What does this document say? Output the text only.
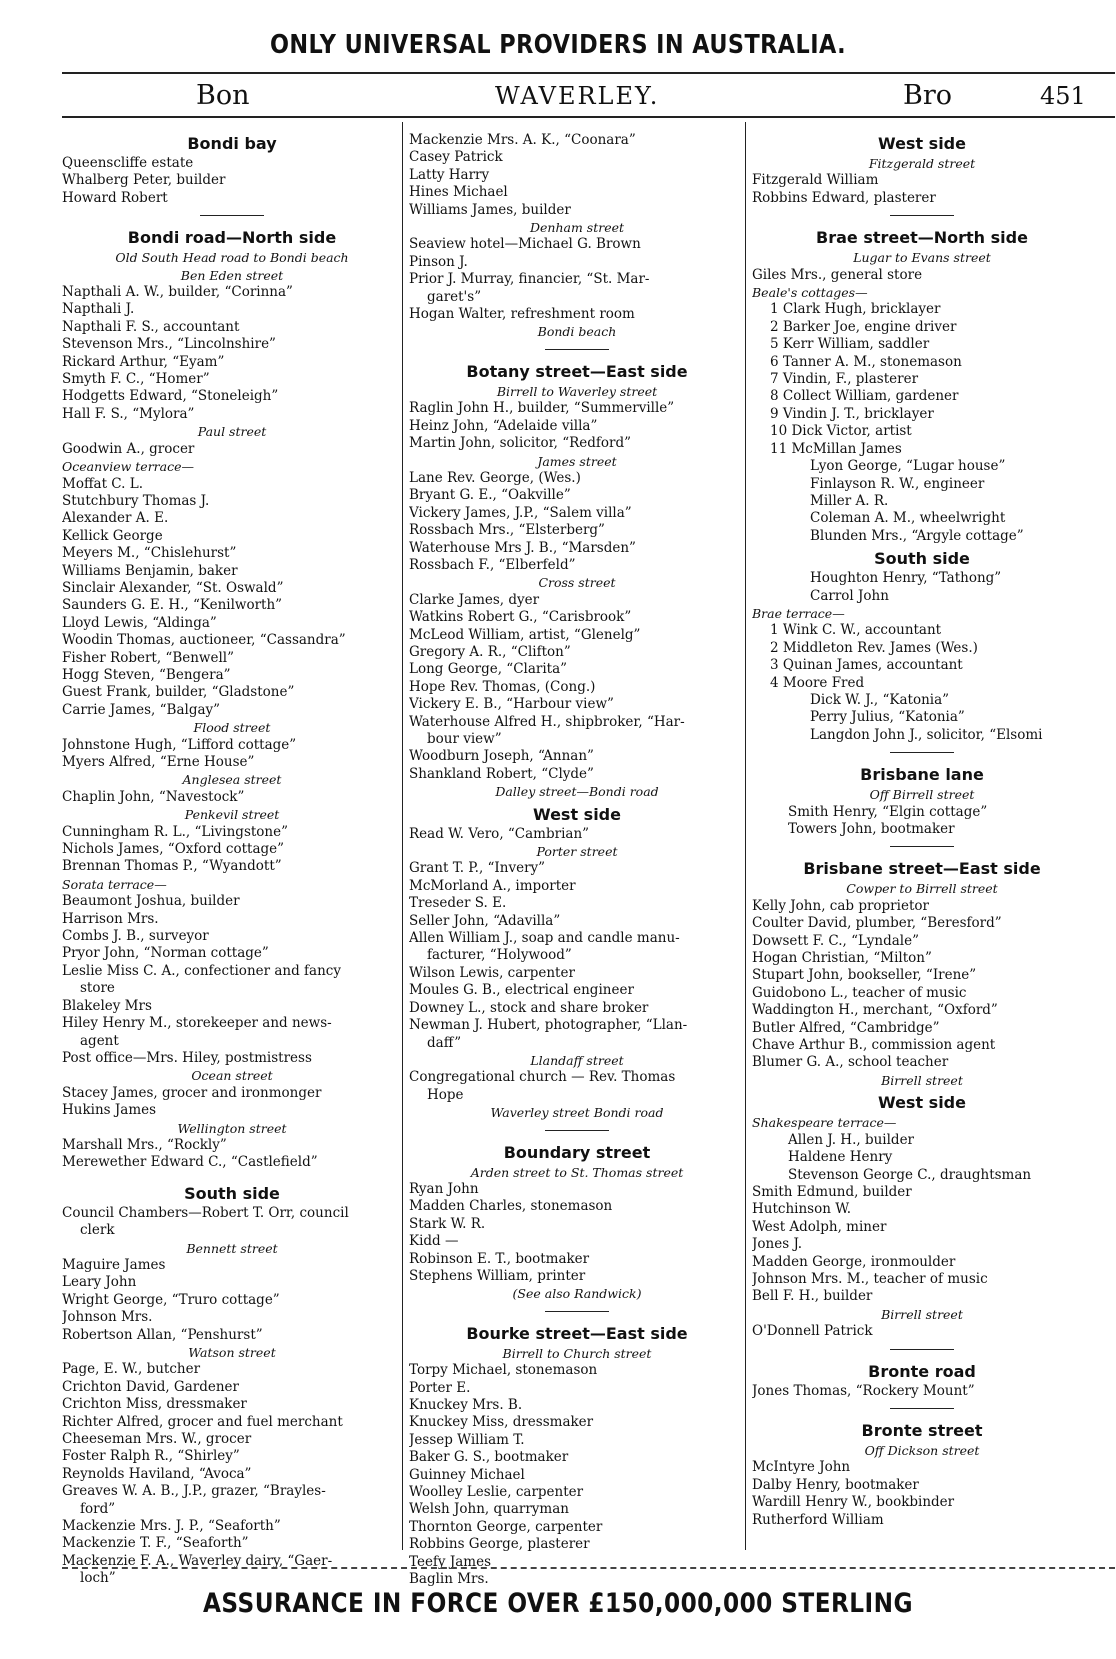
ONLY UNIVERSAL PROVIDERS IN AUSTRALIA.
Bon	WAVERLEY.	Bro	451
Bondi bay
Queenscliffe estate
Whalberg Peter, builder
Howard Robert
Bondi road—North side
Old South Head road to Bondi beach
Ben Eden street
Napthali A. W., builder, “Corinna”
Napthali J.
Napthali F. S., accountant
Stevenson Mrs., “Lincolnshire”
Rickard Arthur, “Eyam”
Smyth F. C., “Homer”
Hodgetts Edward, “Stoneleigh”
Hall F. S., “Mylora”
Paul street
Goodwin A., grocer
Oceanview terrace—
Moffat C. L.
Stutchbury Thomas J.
Alexander A. E.
Kellick George
Meyers M., “Chislehurst”
Williams Benjamin, baker
Sinclair Alexander, “St. Oswald”
Saunders G. E. H., “Kenilworth”
Lloyd Lewis, “Aldinga”
Woodin Thomas, auctioneer, “Cassandra”
Fisher Robert, “Benwell”
Hogg Steven, “Bengera”
Guest Frank, builder, “Gladstone”
Carrie James, “Balgay”
Flood street
Johnstone Hugh, “Lifford cottage”
Myers Alfred, “Erne House”
Anglesea street
Chaplin John, “Navestock”
Penkevil street
Cunningham R. L., “Livingstone”
Nichols James, “Oxford cottage”
Brennan Thomas P., “Wyandott”
Sorata terrace—
Beaumont Joshua, builder
Harrison Mrs.
Combs J. B., surveyor
Pryor John, “Norman cottage”
Leslie Miss C. A., confectioner and fancy
store
Blakeley Mrs
Hiley Henry M., storekeeper and news-
agent
Post office—Mrs. Hiley, postmistress
Ocean street
Stacey James, grocer and ironmonger
Hukins James
Wellington street
Marshall Mrs., “Rockly”
Merewether Edward C., “Castlefield”
South side
Council Chambers—Robert T. Orr, council
clerk
Bennett street
Maguire James
Leary John
Wright George, “Truro cottage”
Johnson Mrs.
Robertson Allan, “Penshurst”
Watson street
Page, E. W., butcher
Crichton David, Gardener
Crichton Miss, dressmaker
Richter Alfred, grocer and fuel merchant
Cheeseman Mrs. W., grocer
Foster Ralph R., “Shirley”
Reynolds Haviland, “Avoca”
Greaves W. A. B., J.P., grazer, “Brayles-
ford”
Mackenzie Mrs. J. P., “Seaforth”
Mackenzie T. F., “Seaforth”
Mackenzie F. A., Waverley dairy, “Gaer-
loch”
Mackenzie Mrs. A. K., “Coonara”
Casey Patrick
Latty Harry
Hines Michael
Williams James, builder
Denham street
Seaview hotel—Michael G. Brown
Pinson J.
Prior J. Murray, financier, “St. Mar-
garet's”
Hogan Walter, refreshment room
Bondi beach
Botany street—East side
Birrell to Waverley street
Raglin John H., builder, “Summerville”
Heinz John, “Adelaide villa”
Martin John, solicitor, “Redford”
James street
Lane Rev. George, (Wes.)
Bryant G. E., “Oakville”
Vickery James, J.P., “Salem villa”
Rossbach Mrs., “Elsterberg”
Waterhouse Mrs J. B., “Marsden”
Rossbach F., “Elberfeld”
Cross street
Clarke James, dyer
Watkins Robert G., “Carisbrook”
McLeod William, artist, “Glenelg”
Gregory A. R., “Clifton”
Long George, “Clarita”
Hope Rev. Thomas, (Cong.)
Vickery E. B., “Harbour view”
Waterhouse Alfred H., shipbroker, “Har-
bour view”
Woodburn Joseph, “Annan”
Shankland Robert, “Clyde”
Dalley street—Bondi road
West side
Read W. Vero, “Cambrian”
Porter street
Grant T. P., “Invery”
McMorland A., importer
Treseder S. E.
Seller John, “Adavilla”
Allen William J., soap and candle manu-
facturer, “Holywood”
Wilson Lewis, carpenter
Moules G. B., electrical engineer
Downey L., stock and share broker
Newman J. Hubert, photographer, “Llan-
daff”
Llandaff street
Congregational church — Rev. Thomas
Hope
Waverley street Bondi road
Boundary street
Arden street to St. Thomas street
Ryan John
Madden Charles, stonemason
Stark W. R.
Kidd —
Robinson E. T., bootmaker
Stephens William, printer
(See also Randwick)
Bourke street—East side
Birrell to Church street
Torpy Michael, stonemason
Porter E.
Knuckey Mrs. B.
Knuckey Miss, dressmaker
Jessep William T.
Baker G. S., bootmaker
Guinney Michael
Woolley Leslie, carpenter
Welsh John, quarryman
Thornton George, carpenter
Robbins George, plasterer
Teefy James
Baglin Mrs.
West side
Fitzgerald street
Fitzgerald William
Robbins Edward, plasterer
Brae street—North side
Lugar to Evans street
Giles Mrs., general store
Beale's cottages—
1 Clark Hugh, bricklayer
2 Barker Joe, engine driver
5 Kerr William, saddler
6 Tanner A. M., stonemason
7 Vindin, F., plasterer
8 Collect William, gardener
9 Vindin J. T., bricklayer
10 Dick Victor, artist
11 McMillan James
Lyon George, “Lugar house”
Finlayson R. W., engineer
Miller A. R.
Coleman A. M., wheelwright
Blunden Mrs., “Argyle cottage”
South side
Houghton Henry, “Tathong”
Carrol John
Brae terrace—
1 Wink C. W., accountant
2 Middleton Rev. James (Wes.)
3 Quinan James, accountant
4 Moore Fred
Dick W. J., “Katonia”
Perry Julius, “Katonia”
Langdon John J., solicitor, “Elsomi
Brisbane lane
Off Birrell street
Smith Henry, “Elgin cottage”
Towers John, bootmaker
Brisbane street—East side
Cowper to Birrell street
Kelly John, cab proprietor
Coulter David, plumber, “Beresford”
Dowsett F. C., “Lyndale”
Hogan Christian, “Milton”
Stupart John, bookseller, “Irene”
Guidobono L., teacher of music
Waddington H., merchant, “Oxford”
Butler Alfred, “Cambridge”
Chave Arthur B., commission agent
Blumer G. A., school teacher
Birrell street
West side
Shakespeare terrace—
Allen J. H., builder
Haldene Henry
Stevenson George C., draughtsman
Smith Edmund, builder
Hutchinson W.
West Adolph, miner
Jones J.
Madden George, ironmoulder
Johnson Mrs. M., teacher of music
Bell F. H., builder
Birrell street
O'Donnell Patrick
Bronte road
Jones Thomas, “Rockery Mount”
Bronte street
Off Dickson street
McIntyre John
Dalby Henry, bootmaker
Wardill Henry W., bookbinder
Rutherford William
ASSURANCE IN FORCE OVER £150,000,000 STERLING
